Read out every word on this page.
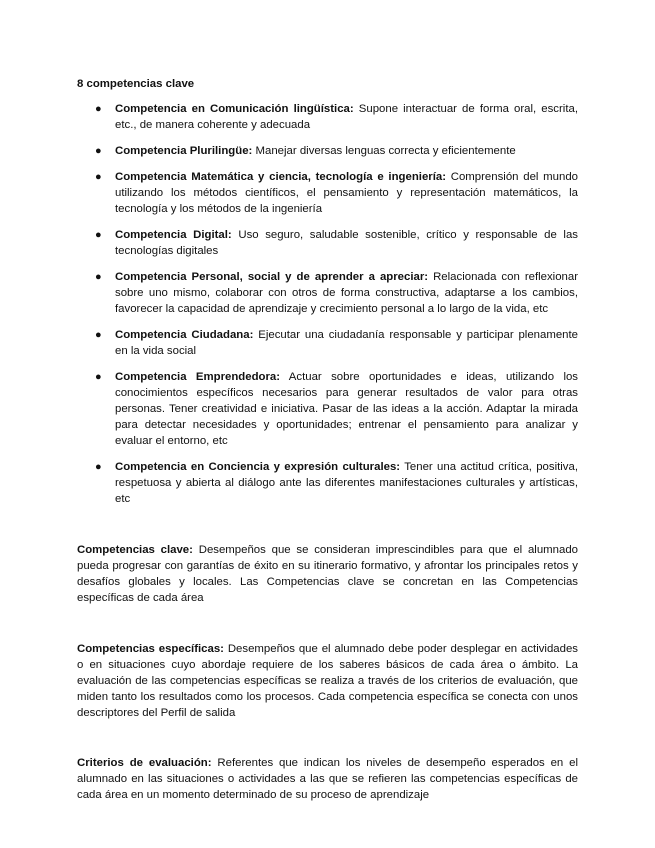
8 competencias clave

● Competencia en Comunicación lingüística: Supone interactuar de forma oral, escrita, etc., de manera coherente y adecuada
● Competencia Plurilingüe: Manejar diversas lenguas correcta y eficientemente
● Competencia Matemática y ciencia, tecnología e ingeniería: Comprensión del mundo utilizando los métodos científicos, el pensamiento y representación matemáticos, la tecnología y los métodos de la ingeniería
● Competencia Digital: Uso seguro, saludable sostenible, crítico y responsable de las tecnologías digitales
● Competencia Personal, social y de aprender a apreciar: Relacionada con reflexionar sobre uno mismo, colaborar con otros de forma constructiva, adaptarse a los cambios, favorecer la capacidad de aprendizaje y crecimiento personal a lo largo de la vida, etc
● Competencia Ciudadana: Ejecutar una ciudadanía responsable y participar plenamente en la vida social
● Competencia Emprendedora: Actuar sobre oportunidades e ideas, utilizando los conocimientos específicos necesarios para generar resultados de valor para otras personas. Tener creatividad e iniciativa. Pasar de las ideas a la acción. Adaptar la mirada para detectar necesidades y oportunidades; entrenar el pensamiento para analizar y evaluar el entorno, etc
● Competencia en Conciencia y expresión culturales: Tener una actitud crítica, positiva, respetuosa y abierta al diálogo ante las diferentes manifestaciones culturales y artísticas, etc

Competencias clave: Desempeños que se consideran imprescindibles para que el alumnado pueda progresar con garantías de éxito en su itinerario formativo, y afrontar los principales retos y desafíos globales y locales. Las Competencias clave se concretan en las Competencias específicas de cada área

Competencias específicas: Desempeños que el alumnado debe poder desplegar en actividades o en situaciones cuyo abordaje requiere de los saberes básicos de cada área o ámbito. La evaluación de las competencias específicas se realiza a través de los criterios de evaluación, que miden tanto los resultados como los procesos. Cada competencia específica se conecta con unos descriptores del Perfil de salida

Criterios de evaluación: Referentes que indican los niveles de desempeño esperados en el alumnado en las situaciones o actividades a las que se refieren las competencias específicas de cada área en un momento determinado de su proceso de aprendizaje
